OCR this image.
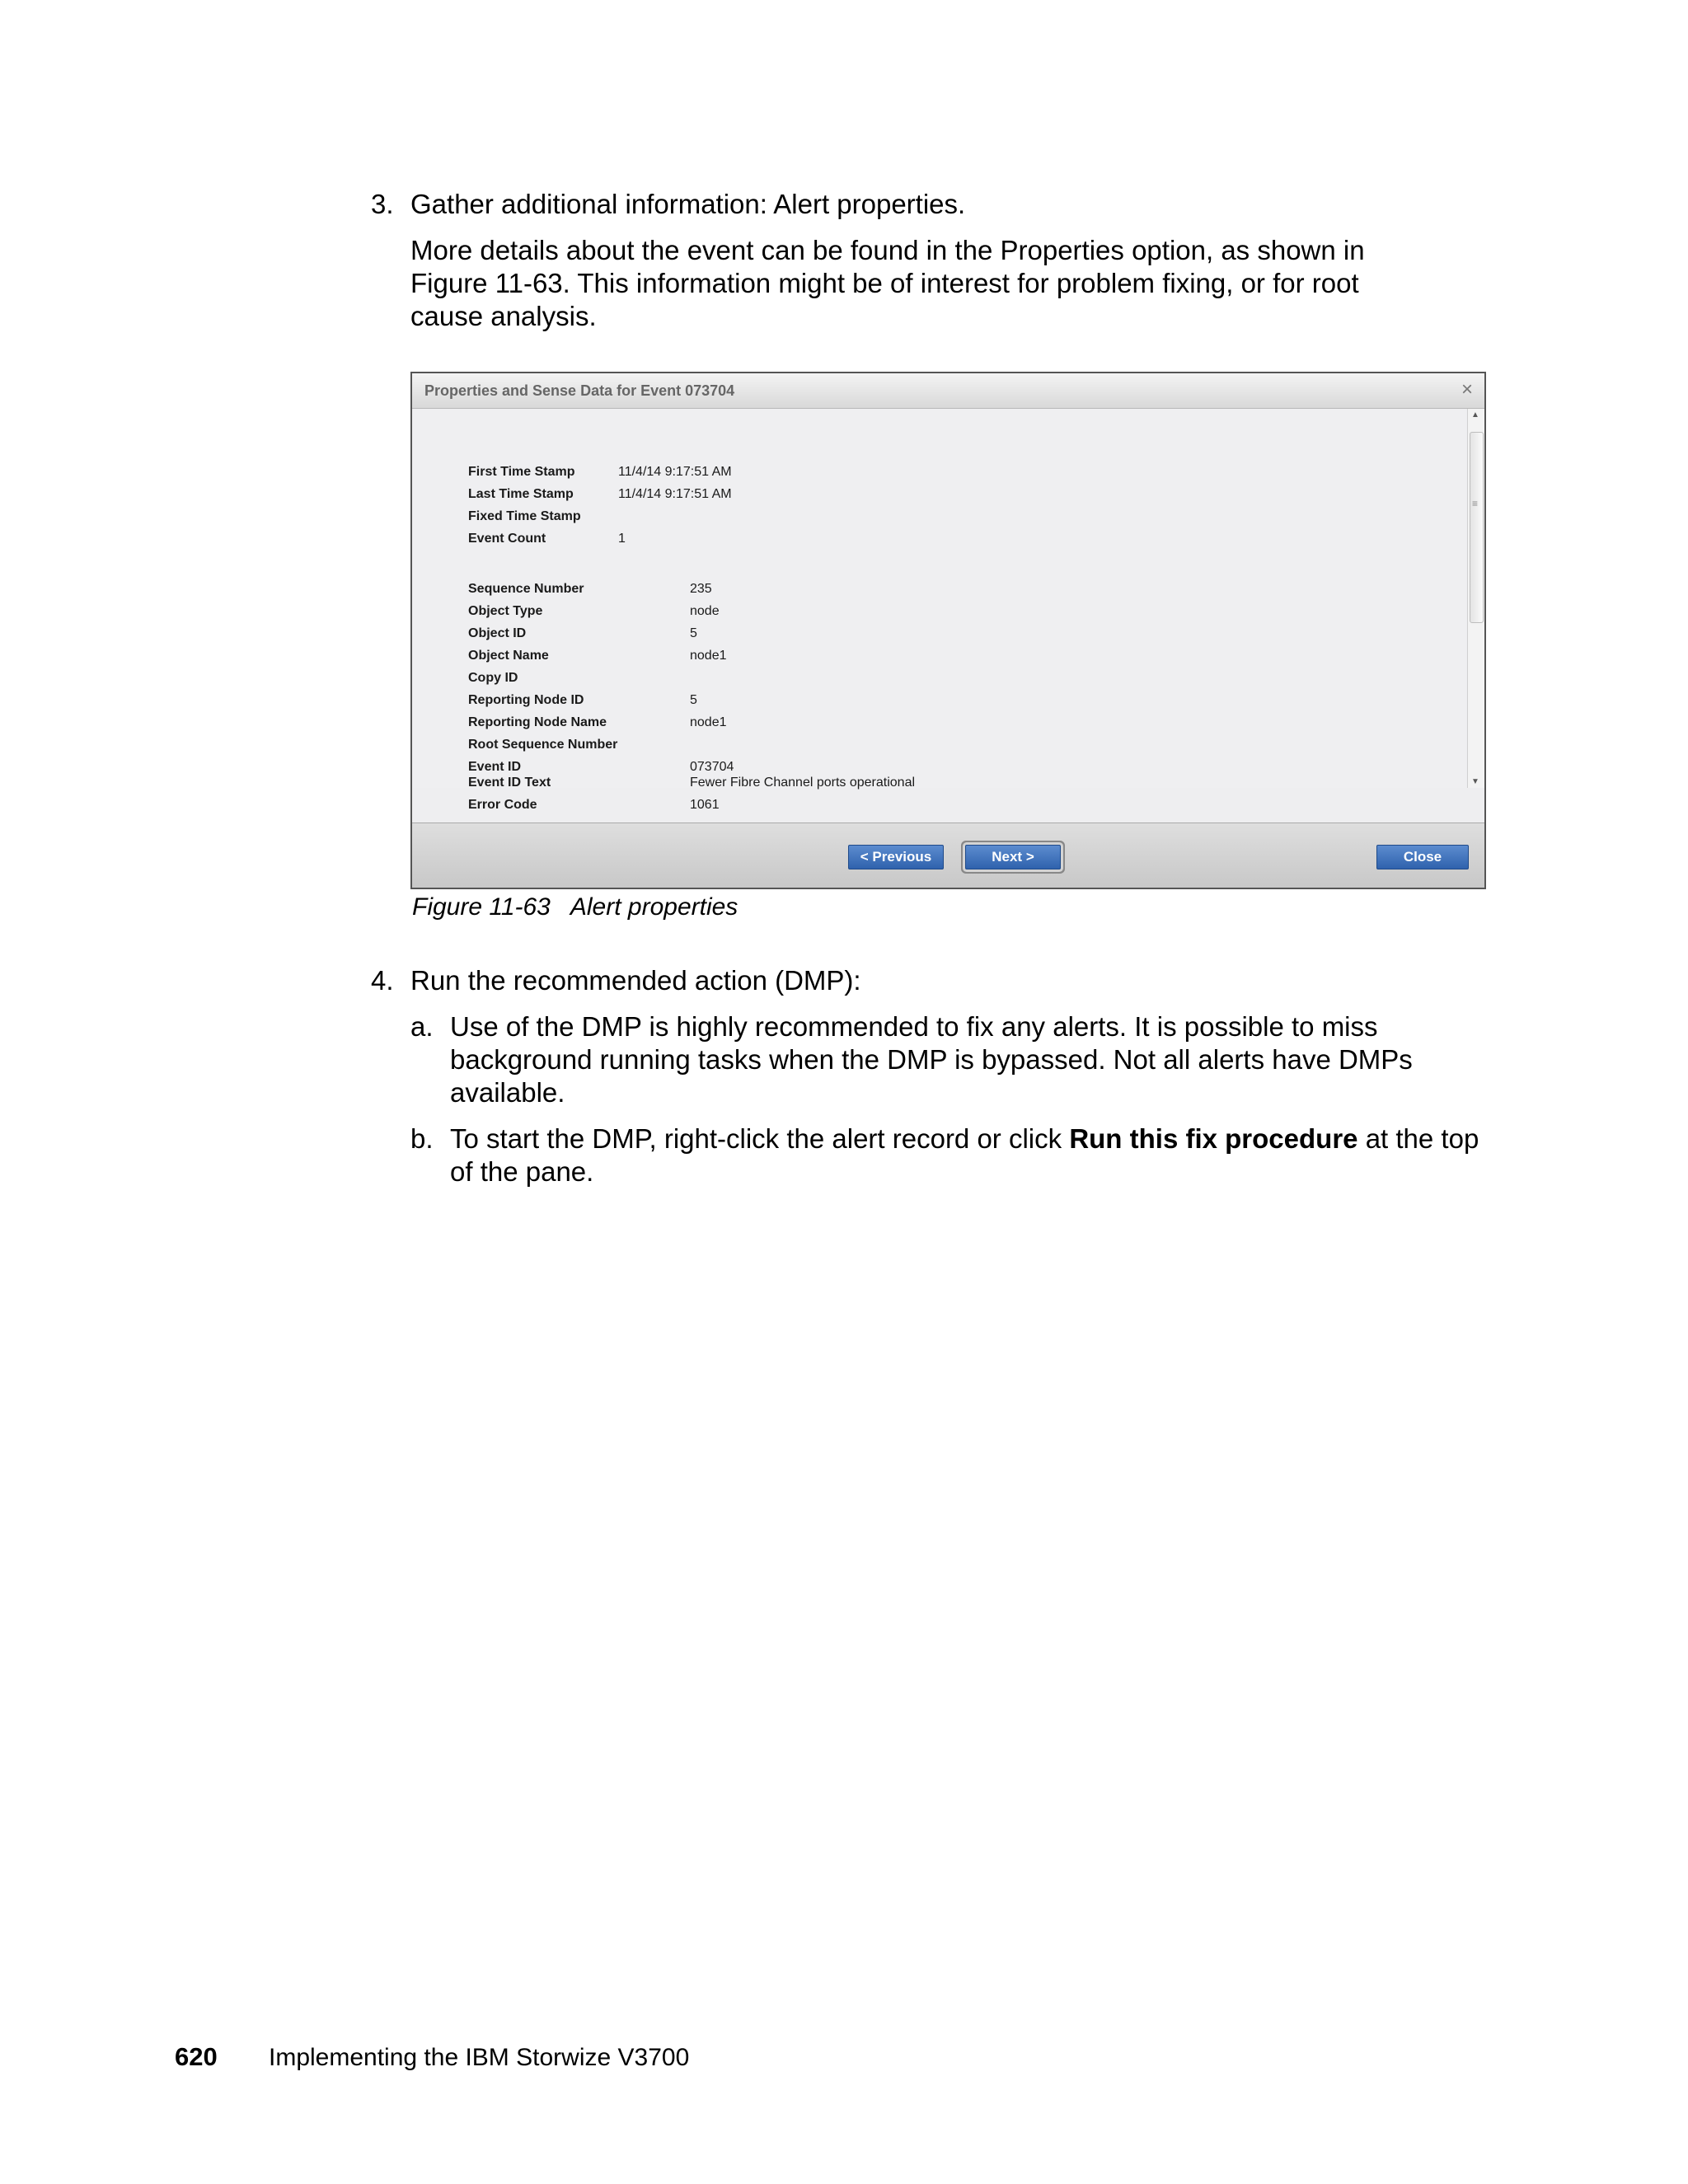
3. Gather additional information: Alert properties.
More details about the event can be found in the Properties option, as shown in
Figure 11-63. This information might be of interest for problem fixing, or for root
cause analysis.
Properties and Sense Data for Event 073704	×
First Time Stamp	11/4/14 9:17:51 AM
Last Time Stamp	11/4/14 9:17:51 AM
Fixed Time Stamp
Event Count	1
Sequence Number	235
Object Type	node
Object ID	5
Object Name	node1
Copy ID
Reporting Node ID	5
Reporting Node Name	node1
Root Sequence Number
Event ID	073704
Event ID Text	Fewer Fibre Channel ports operational
Error Code	1061
▲
≡
▼
< Previous	Next >	Close
Figure 11-63 Alert properties
4. Run the recommended action (DMP):
a. Use of the DMP is highly recommended to fix any alerts. It is possible to miss
background running tasks when the DMP is bypassed. Not all alerts have DMPs
available.
b. To start the DMP, right-click the alert record or click Run this fix procedure at the top
of the pane.
620 Implementing the IBM Storwize V3700
